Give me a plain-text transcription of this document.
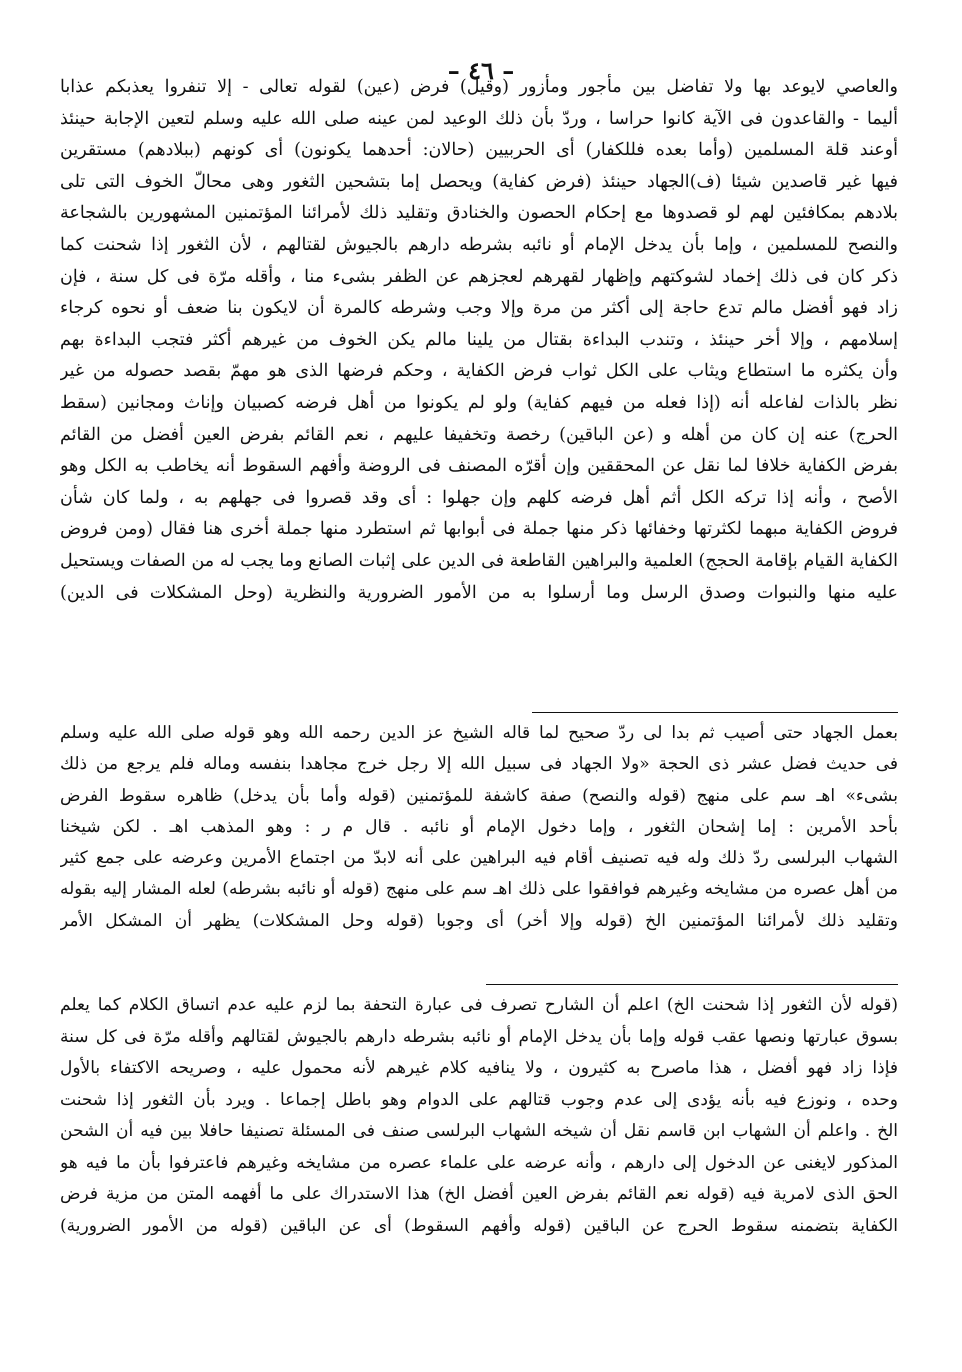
– ٤٦ –
والعاصي لايوعد بها ولا تفاضل بين مأجور ومأزور (وقيل) فرض (عين) لقوله تعالى - إلا تنفروا يعذبكم عذابا
أليما - والقاعدون فى الآية كانوا حراسا ، وردّ بأن ذلك الوعيد لمن عينه صلى الله عليه وسلم لتعين الإجابة حينئذ
أوعند قلة المسلمين (وأما بعده فللكفار) أى الحربيين (حالان: أحدهما يكونون) أى كونهم (ببلادهم) مستقرين
فيها غير قاصدين شيئا (ف)الجهاد حينئذ (فرض كفاية) ويحصل إما بتشحين الثغور وهى محالّ الخوف التى تلى
بلادهم بمكافئين لهم لو قصدوها مع إحكام الحصون والخنادق وتقليد ذلك لأمرائنا المؤتمنين المشهورين بالشجاعة
والنصح للمسلمين ، وإما بأن يدخل الإمام أو نائبه بشرطه دارهم بالجيوش لقتالهم ، لأن الثغور إذا شحنت كما
ذكر كان فى ذلك إخماد لشوكتهم وإظهار لقهرهم لعجزهم عن الظفر بشىء منا ، وأقله مرّة فى كل سنة ، فإن
زاد فهو أفضل مالم تدع حاجة إلى أكثر من مرة وإلا وجب وشرطه كالمرة أن لايكون بنا ضعف أو نحوه كرجاء
إسلامهم ، وإلا أخر حينئذ ، وتندب البداءة بقتال من يلينا مالم يكن الخوف من غيرهم أكثر فتجب البداءة بهم
وأن يكثره ما استطاع ويثاب على الكل ثواب فرض الكفاية ، وحكم فرضها الذى هو مهمّ بقصد حصوله من غير
نظر بالذات لفاعله أنه (إذا فعله من فيهم كفاية) ولو لم يكونوا من أهل فرضه كصبيان وإناث ومجانين (سقط
الحرج) عنه إن كان من أهله و (عن الباقين) رخصة وتخفيفا عليهم ، نعم القائم بفرض العين أفضل من القائم
بفرض الكفاية خلافا لما نقل عن المحققين وإن أقرّه المصنف فى الروضة وأفهم السقوط أنه يخاطب به الكل وهو
الأصح ، وأنه إذا تركه الكل أثم أهل فرضه كلهم وإن جهلوا : أى وقد قصروا فى جهلهم به ، ولما كان شأن
فروض الكفاية مبهما لكثرتها وخفائها ذكر منها جملة فى أبوابها ثم استطرد منها جملة أخرى هنا فقال (ومن فروض
الكفاية القيام بإقامة الحجج) العلمية والبراهين القاطعة فى الدين على إثبات الصانع وما يجب له من الصفات ويستحيل
عليه منها والنبوات وصدق الرسل وما أرسلوا به من الأمور الضرورية والنظرية (وحل المشكلات فى الدين)
بعمل الجهاد حتى أصيب ثم بدا لى ردّ صحيح لما قاله الشيخ عز الدين رحمه الله وهو قوله صلى الله عليه وسلم
فى حديث فضل عشر ذى الحجة «ولا الجهاد فى سبيل الله إلا رجل خرج مجاهدا بنفسه وماله فلم يرجع من ذلك
بشىء» اهـ سم على منهج (قوله والنصح) صفة كاشفة للمؤتمنين (قوله وأما بأن يدخل) ظاهره سقوط الفرض
بأحد الأمرين : إما إشحان الثغور ، وإما دخول الإمام أو نائبه . قال م ر : وهو المذهب اهـ . لكن شيخنا
الشهاب البرلسى ردّ ذلك وله فيه تصنيف أقام فيه البراهين على أنه لابدّ من اجتماع الأمرين وعرضه على جمع كثير
من أهل عصره من مشايخه وغيرهم فوافقوا على ذلك اهـ سم على منهج (قوله أو نائبه بشرطه) لعله المشار إليه بقوله
وتقليد ذلك لأمرائنا المؤتمنين الخ (قوله وإلا أخر) أى وجوبا (قوله وحل المشكلات) يظهر أن المشكل الأمر
(قوله لأن الثغور إذا شحنت الخ) اعلم أن الشارح تصرف فى عبارة التحفة بما لزم عليه عدم اتساق الكلام كما يعلم
بسوق عبارتها ونصها عقب قوله وإما بأن يدخل الإمام أو نائبه بشرطه دارهم بالجيوش لقتالهم وأقله مرّة فى كل سنة
فإذا زاد فهو أفضل ، هذا ماصرح به كثيرون ، ولا ينافيه كلام غيرهم لأنه محمول عليه ، وصريحه الاكتفاء بالأول
وحده ، ونوزع فيه بأنه يؤدى إلى عدم وجوب قتالهم على الدوام وهو باطل إجماعا . ويرد بأن الثغور إذا شحنت
الخ . واعلم أن الشهاب ابن قاسم نقل أن شيخه الشهاب البرلسى صنف فى المسئلة تصنيفا حافلا بين فيه أن الشحن
المذكور لايغنى عن الدخول إلى دارهم ، وأنه عرضه على علماء عصره من مشايخه وغيرهم فاعترفوا بأن ما فيه هو
الحق الذى لامرية فيه (قوله نعم القائم بفرض العين أفضل الخ) هذا الاستدراك على ما أفهمه المتن من مزية فرض
الكفاية بتضمنه سقوط الحرج عن الباقين (قوله وأفهم السقوط) أى عن الباقين (قوله من الأمور الضرورية)
